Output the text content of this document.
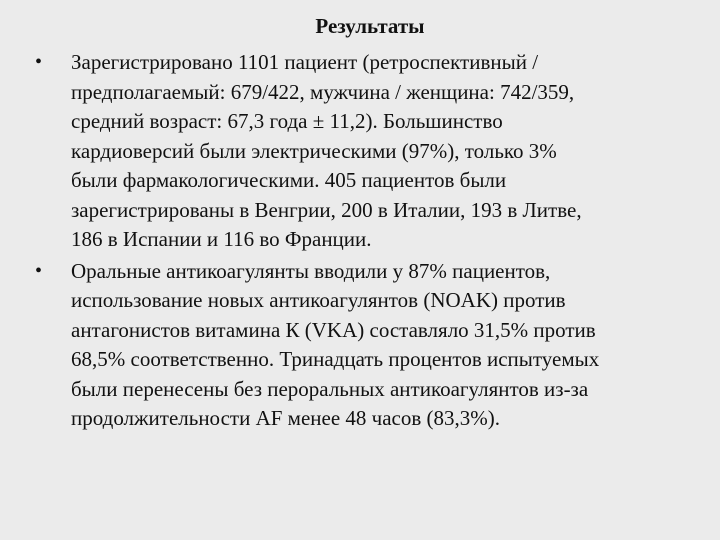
Результаты
• Зарегистрировано 1101 пациент (ретроспективный /
предполагаемый: 679/422, мужчина / женщина: 742/359,
средний возраст: 67,3 года ± 11,2). Большинство
кардиоверсий были электрическими (97%), только 3%
были фармакологическими. 405 пациентов были
зарегистрированы в Венгрии, 200 в Италии, 193 в Литве,
186 в Испании и 116 во Франции.
• Оральные антикоагулянты вводили у 87% пациентов,
использование новых антикоагулянтов (NOAK) против
антагонистов витамина К (VKA) составляло 31,5% против
68,5% соответственно. Тринадцать процентов испытуемых
были перенесены без пероральных антикоагулянтов из-за
продолжительности AF менее 48 часов (83,3%).
